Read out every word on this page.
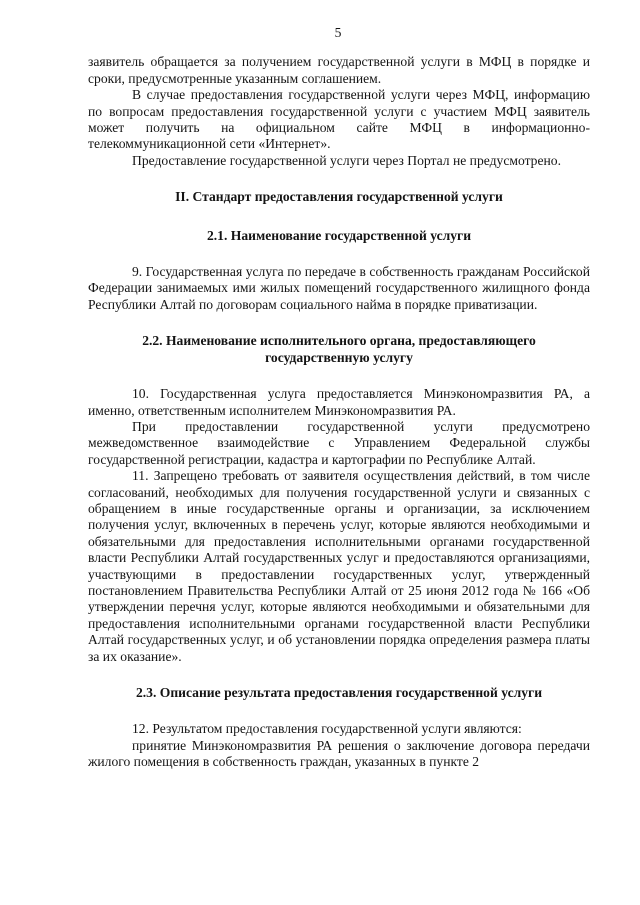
5

заявитель обращается за получением государственной услуги в МФЦ в порядке и сроки, предусмотренные указанным соглашением.

В случае предоставления государственной услуги через МФЦ, информацию по вопросам предоставления государственной услуги с участием МФЦ заявитель может получить на официальном сайте МФЦ в информационно-телекоммуникационной сети «Интернет».

Предоставление государственной услуги через Портал не предусмотрено.

II. Стандарт предоставления государственной услуги
2.1. Наименование государственной услуги

9. Государственная услуга по передаче в собственность гражданам Российской Федерации занимаемых ими жилых помещений государственного жилищного фонда Республики Алтай по договорам социального найма в порядке приватизации.

2.2. Наименование исполнительного органа, предоставляющего
государственную услугу

10. Государственная услуга предоставляется Минэкономразвития РА, а именно, ответственным исполнителем Минэкономразвития РА.

При предоставлении государственной услуги предусмотрено межведомственное взаимодействие с Управлением Федеральной службы государственной регистрации, кадастра и картографии по Республике Алтай.

11. Запрещено требовать от заявителя осуществления действий, в том числе согласований, необходимых для получения государственной услуги и связанных с обращением в иные государственные органы и организации, за исключением получения услуг, включенных в перечень услуг, которые являются необходимыми и обязательными для предоставления исполнительными органами государственной власти Республики Алтай государственных услуг и предоставляются организациями, участвующими в предоставлении государственных услуг, утвержденный постановлением Правительства Республики Алтай от 25 июня 2012 года № 166 «Об утверждении перечня услуг, которые являются необходимыми и обязательными для предоставления исполнительными органами государственной власти Республики Алтай государственных услуг, и об установлении порядка определения размера платы за их оказание».

2.3. Описание результата предоставления государственной услуги

12. Результатом предоставления государственной услуги являются:

принятие Минэкономразвития РА решения о заключение договора передачи жилого помещения в собственность граждан, указанных в пункте 2
